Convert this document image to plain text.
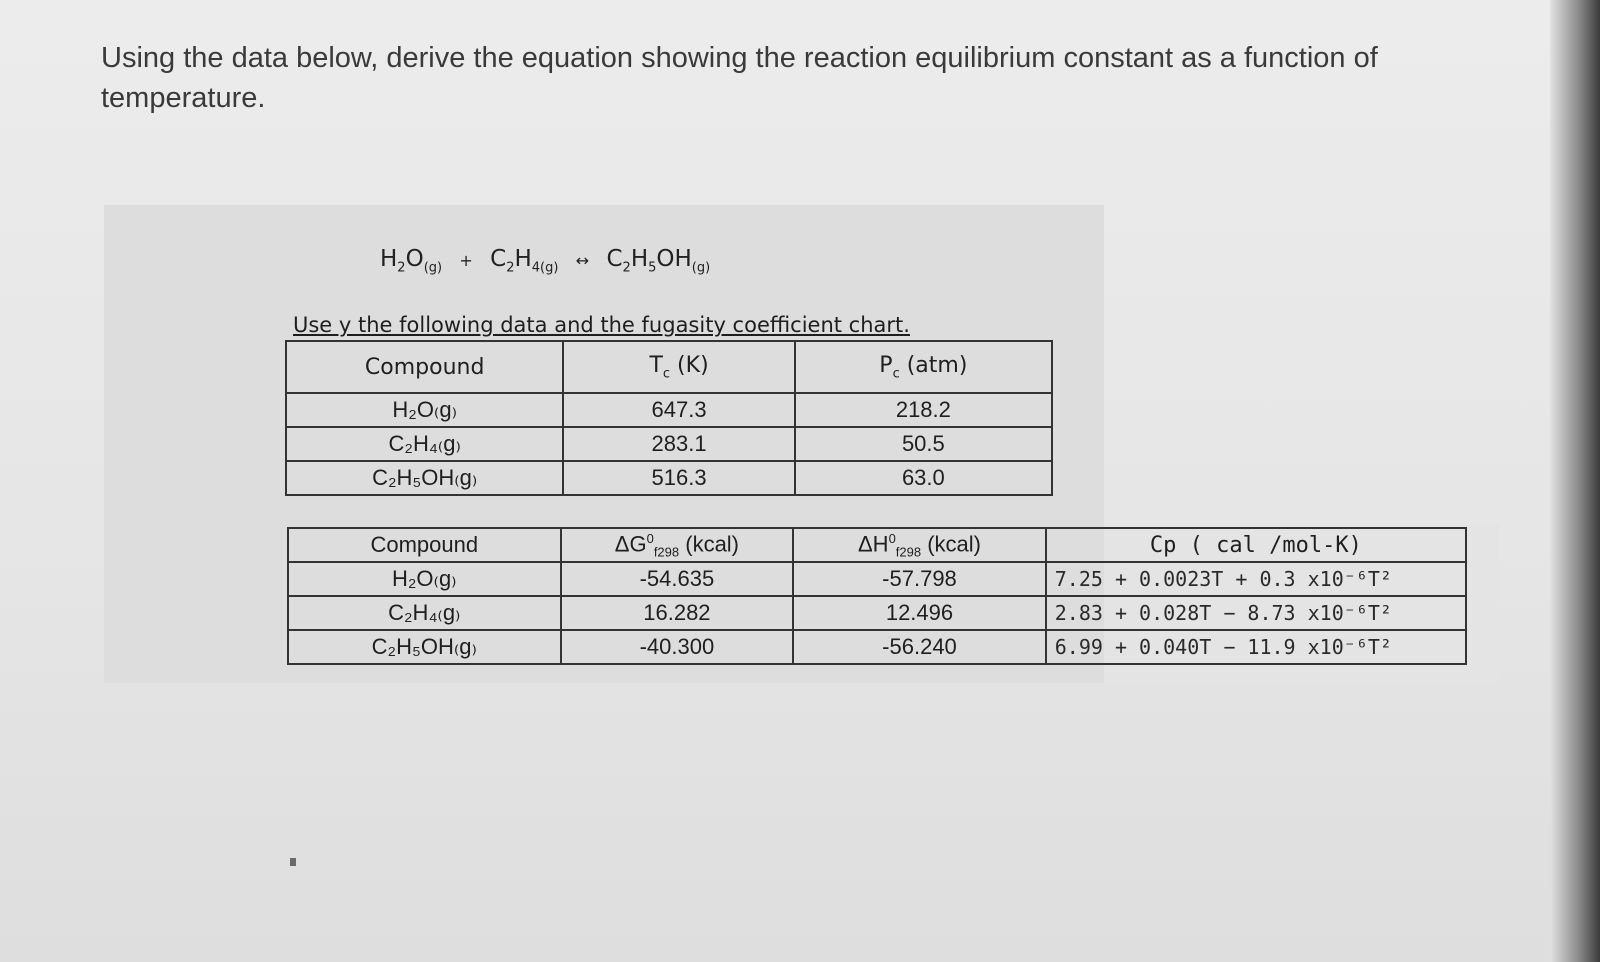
Using the data below, derive the equation showing the reaction equilibrium constant as a function of temperature.
$H_2O_{(g)} + C_2H_{4(g)}$ ↔ $C_2H_5OH_{(g)}$
Use y the following data and the fugasity coefficient chart.
Compound	$T_c$ (K)	$P_c$ (atm)
H₂O₍g₎	647.3	218.2
C₂H₄₍g₎	283.1	50.5
C₂H₅OH₍g₎	516.3	63.0
Compound	$\Delta G^0_{f298}$ (kcal)	$\Delta H^0_{f298}$ (kcal)	Cp ( cal /mol-K)
H₂O₍g₎	-54.635	-57.798	7.25 + 0.0023T + 0.3 x10⁻⁶T²
C₂H₄₍g₎	16.282	12.496	2.83 + 0.028T − 8.73 x10⁻⁶T²
C₂H₅OH₍g₎	-40.300	-56.240	6.99 + 0.040T − 11.9 x10⁻⁶T²
